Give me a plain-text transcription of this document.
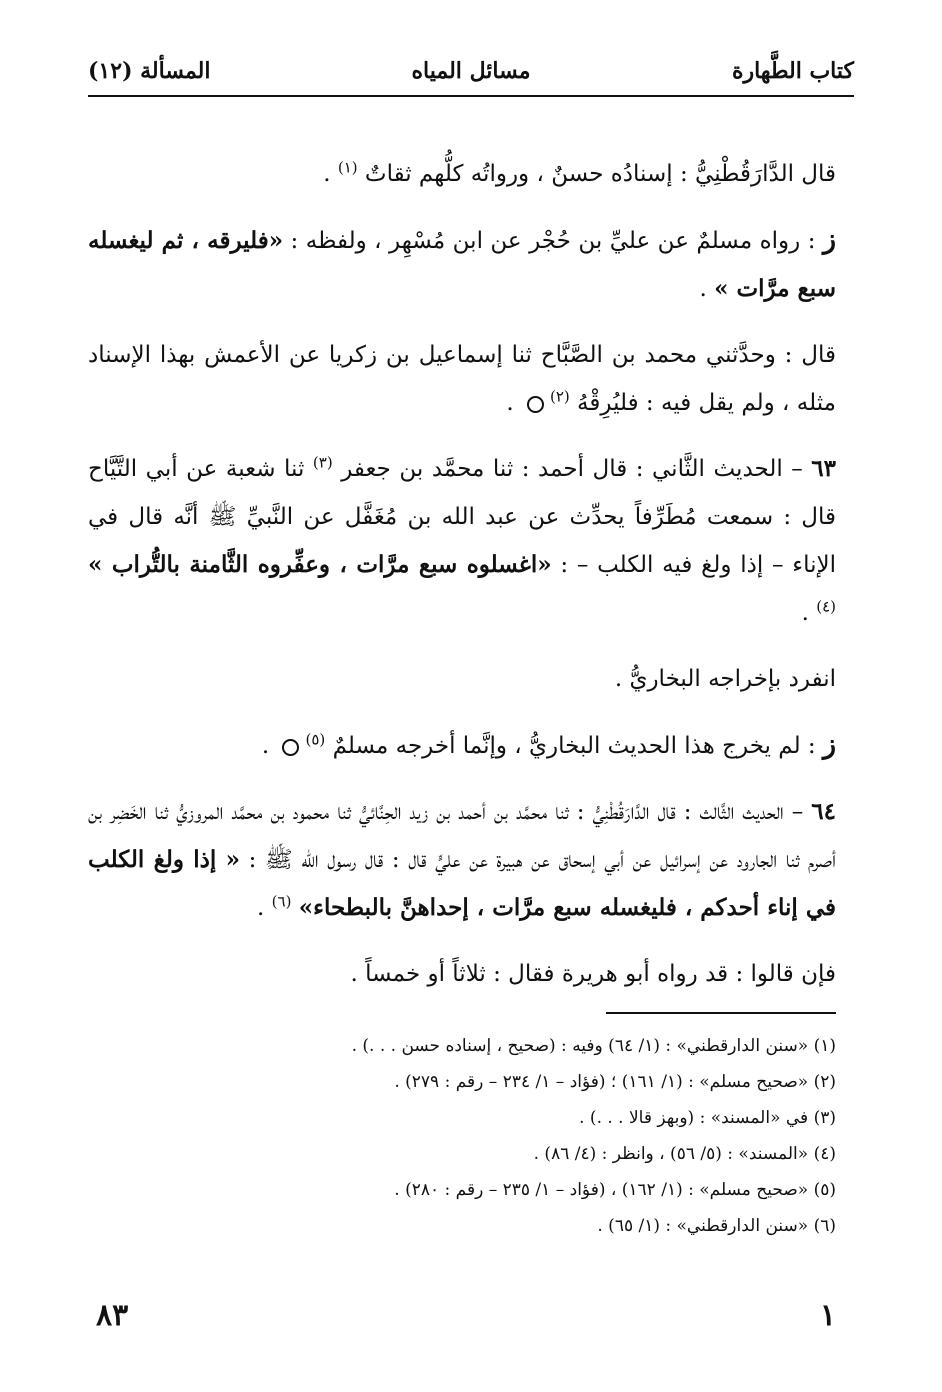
كتاب الطَّهارة
مسائل المياه
المسألة (١٢)

قال الدَّارَقُطْنِيُّ : إسنادُه حسنٌ ، ورواتُه كلُّهم ثقاتٌ $^{(١)}$ .

ز : رواه مسلمٌ عن عليِّ بن حُجْر عن ابن مُسْهِر ، ولفظه : «فليرقه ، ثم ليغسله سبع مرَّات » .

قال : وحدَّثني محمد بن الصَّبَّاح ثنا إسماعيل بن زكريا عن الأعمش بهذا الإسناد مثله ، ولم يقل فيه : فليُرِقْهُ $^{(٢)}$ .

٦٣ – الحديث الثَّاني : قال أحمد : ثنا محمَّد بن جعفر $^{(٣)}$ ثنا شعبة عن أبي التَّيَّاح قال : سمعت مُطَرِّفاً يحدِّث عن عبد الله بن مُغَفَّل عن النَّبيِّ ﷺ أنَّه قال في الإناء – إذا ولغ فيه الكلب – : «اغسلوه سبع مرَّات ، وعفِّروه الثَّامنة بالتُّراب » $^{(٤)}$ .

انفرد بإخراجه البخاريُّ .

ز : لم يخرج هذا الحديث البخاريُّ ، وإنَّما أخرجه مسلمٌ $^{(٥)}$ .

٦٤ – الحديث الثَّالث : قال الدَّارَقُطْنِيُّ : ثنا محمَّد بن أحمد بن زيد الحِنَّائيُّ ثنا محمود بن محمَّد المروزيُّ ثنا الخَضِر بن أصرم ثنا الجارود عن إسرائيل عن أبي إسحاق عن هبيرة عن عليٍّ قال : قال رسول الله ﷺ : « إذا ولغ الكلب في إناء أحدكم ، فليغسله سبع مرَّات ، إحداهنَّ بالبطحاء» $^{(٦)}$ .

فإن قالوا : قد رواه أبو هريرة فقال : ثلاثاً أو خمساً .

(١) «سنن الدارقطني» : (١/ ٦٤) وفيه : (صحيح ، إسناده حسن . . .) .

(٢) «صحيح مسلم» : (١/ ١٦١) ؛ (فؤاد – ١/ ٢٣٤ – رقم : ٢٧٩) .

(٣) في «المسند» : (وبهز قالا . . .) .

(٤) «المسند» : (٥/ ٥٦) ، وانظر : (٤/ ٨٦) .

(٥) «صحيح مسلم» : (١/ ١٦٢) ، (فؤاد – ١/ ٢٣٥ – رقم : ٢٨٠) .

(٦) «سنن الدارقطني» : (١/ ٦٥) .

٨٣	١
